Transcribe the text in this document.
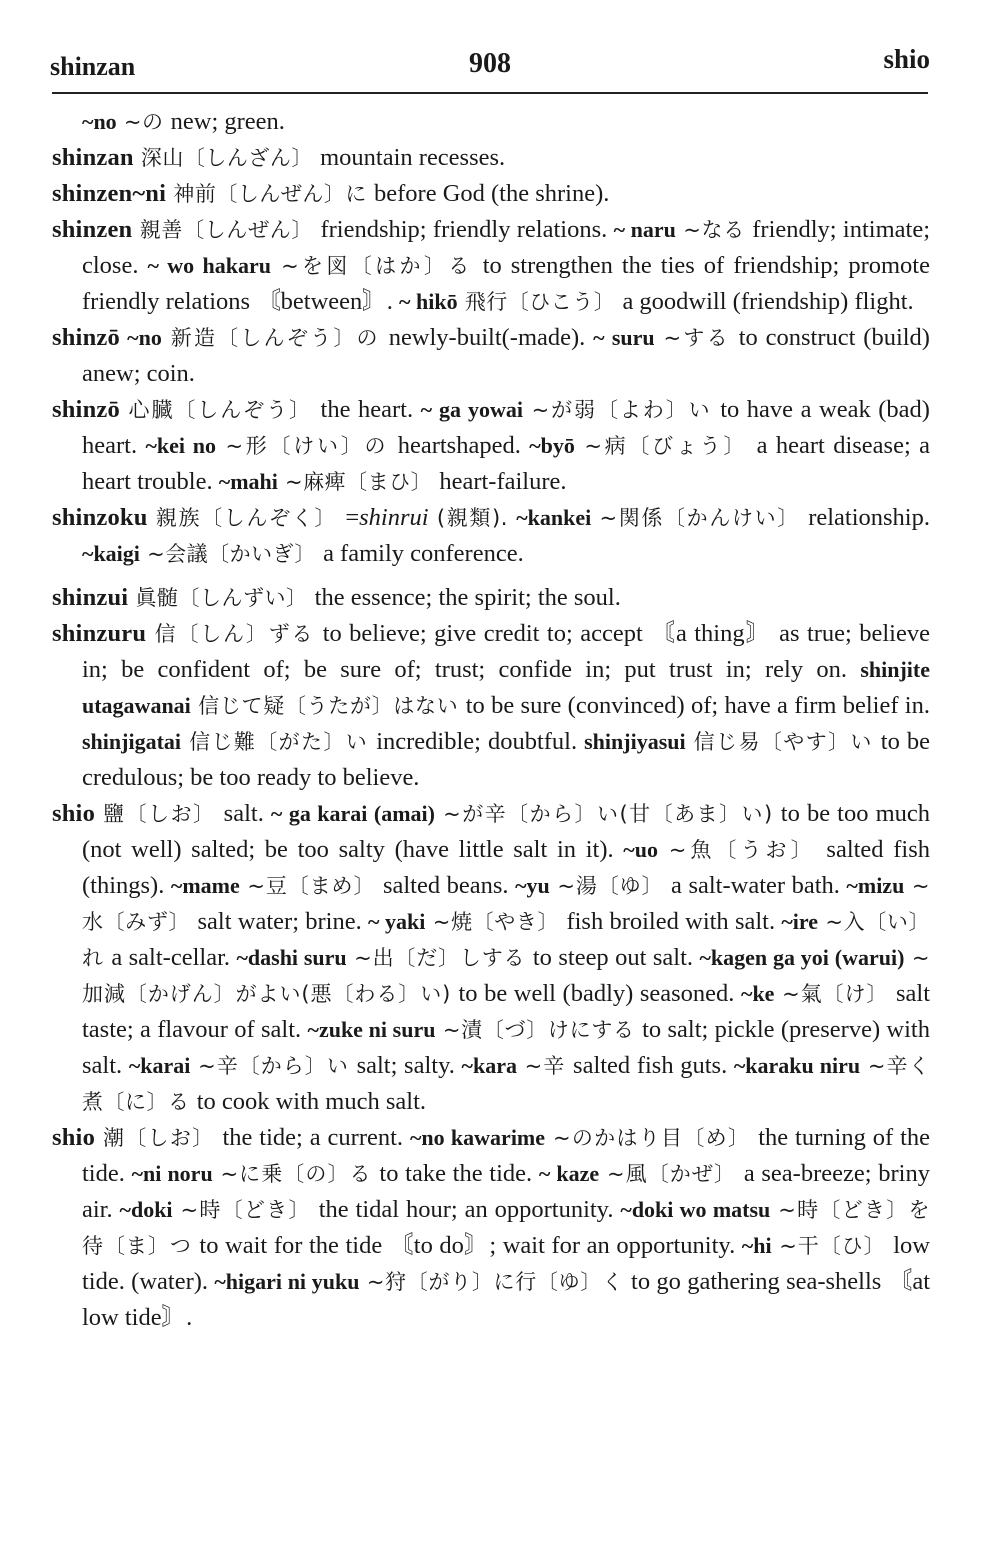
shinzan	908	shio

~no ~の new; green.

shinzan 深山〔しんざん〕 mountain recesses.

shinzen~ni 神前〔しんぜん〕に before God (the shrine).

shinzen 親善〔しんぜん〕 friendship; friendly relations. ~ naru ~なる friendly; intimate; close. ~ wo hakaru ~を図〔はか〕る to strengthen the ties of friendship; promote friendly relations 〘between〙. ~ hikō 飛行〔ひこう〕 a goodwill (friendship) flight.

shinzō ~no 新造〔しんぞう〕の newly-built(-made). ~ suru ~する to construct (build) anew; coin.

shinzō 心臓〔しんぞう〕 the heart. ~ ga yowai ~が弱〔よわ〕い to have a weak (bad) heart. ~kei no ~形〔けい〕の heartshaped. ~byō ~病〔びょう〕 a heart disease; a heart trouble. ~mahi ~麻痺〔まひ〕 heart-failure.

shinzoku 親族〔しんぞく〕 =shinrui (親類). ~kankei ~関係〔かんけい〕 relationship. ~kaigi ~会議〔かいぎ〕 a family conference.

shinzui 眞髄〔しんずい〕 the essence; the spirit; the soul.

shinzuru 信〔しん〕ずる to believe; give credit to; accept 〘a thing〙 as true; believe in; be confident of; be sure of; trust; confide in; put trust in; rely on. shinjite utagawanai 信じて疑〔うたが〕はない to be sure (convinced) of; have a firm belief in. shinjigatai 信じ難〔がた〕い incredible; doubtful. shinjiyasui 信じ易〔やす〕い to be credulous; be too ready to believe.

shio 鹽〔しお〕 salt. ~ ga karai (amai) ~が辛〔から〕い(甘〔あま〕い) to be too much (not well) salted; be too salty (have little salt in it). ~uo ~魚〔うお〕 salted fish (things). ~mame ~豆〔まめ〕 salted beans. ~yu ~湯〔ゆ〕 a salt-water bath. ~mizu ~水〔みず〕 salt water; brine. ~ yaki ~焼〔やき〕 fish broiled with salt. ~ire ~入〔い〕れ a salt-cellar. ~dashi suru ~出〔だ〕しする to steep out salt. ~kagen ga yoi (warui) ~加減〔かげん〕がよい(悪〔わる〕い) to be well (badly) seasoned. ~ke ~氣〔け〕 salt taste; a flavour of salt. ~zuke ni suru ~漬〔づ〕けにする to salt; pickle (preserve) with salt. ~karai ~辛〔から〕い salt; salty. ~kara ~辛 salted fish guts. ~karaku niru ~辛く煮〔に〕る to cook with much salt.

shio 潮〔しお〕 the tide; a current. ~no kawarime ~のかはり目〔め〕 the turning of the tide. ~ni noru ~に乗〔の〕る to take the tide. ~ kaze ~風〔かぜ〕 a sea-breeze; briny air. ~doki ~時〔どき〕 the tidal hour; an opportunity. ~doki wo matsu ~時〔どき〕を待〔ま〕つ to wait for the tide 〘to do〙; wait for an opportunity. ~hi ~干〔ひ〕 low tide. (water). ~higari ni yuku ~狩〔がり〕に行〔ゆ〕く to go gathering sea-shells 〘at low tide〙.
